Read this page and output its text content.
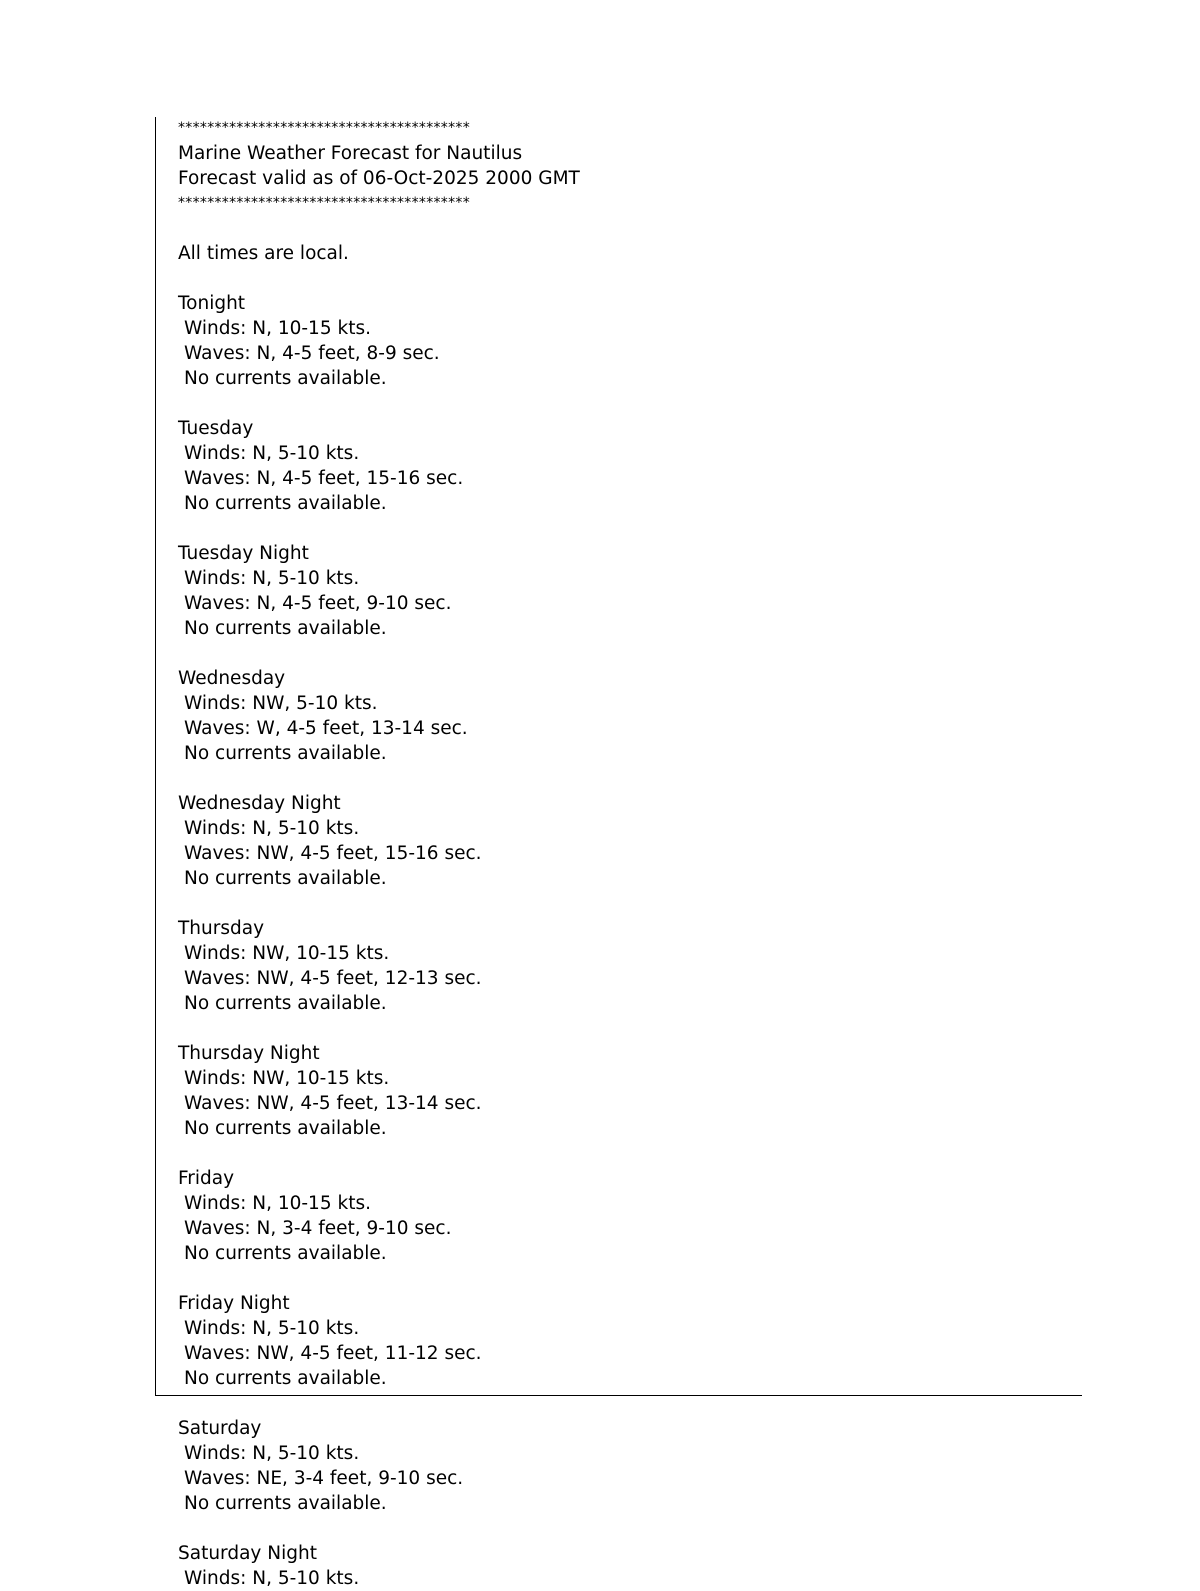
****************************************
Marine Weather Forecast for Nautilus
Forecast valid as of 06-Oct-2025 2000 GMT
****************************************
All times are local.
Tonight
Winds: N, 10-15 kts.
Waves: N, 4-5 feet, 8-9 sec.
No currents available.
Tuesday
Winds: N, 5-10 kts.
Waves: N, 4-5 feet, 15-16 sec.
No currents available.
Tuesday Night
Winds: N, 5-10 kts.
Waves: N, 4-5 feet, 9-10 sec.
No currents available.
Wednesday
Winds: NW, 5-10 kts.
Waves: W, 4-5 feet, 13-14 sec.
No currents available.
Wednesday Night
Winds: N, 5-10 kts.
Waves: NW, 4-5 feet, 15-16 sec.
No currents available.
Thursday
Winds: NW, 10-15 kts.
Waves: NW, 4-5 feet, 12-13 sec.
No currents available.
Thursday Night
Winds: NW, 10-15 kts.
Waves: NW, 4-5 feet, 13-14 sec.
No currents available.
Friday
Winds: N, 10-15 kts.
Waves: N, 3-4 feet, 9-10 sec.
No currents available.
Friday Night
Winds: N, 5-10 kts.
Waves: NW, 4-5 feet, 11-12 sec.
No currents available.
Saturday
Winds: N, 5-10 kts.
Waves: NE, 3-4 feet, 9-10 sec.
No currents available.
Saturday Night
Winds: N, 5-10 kts.
